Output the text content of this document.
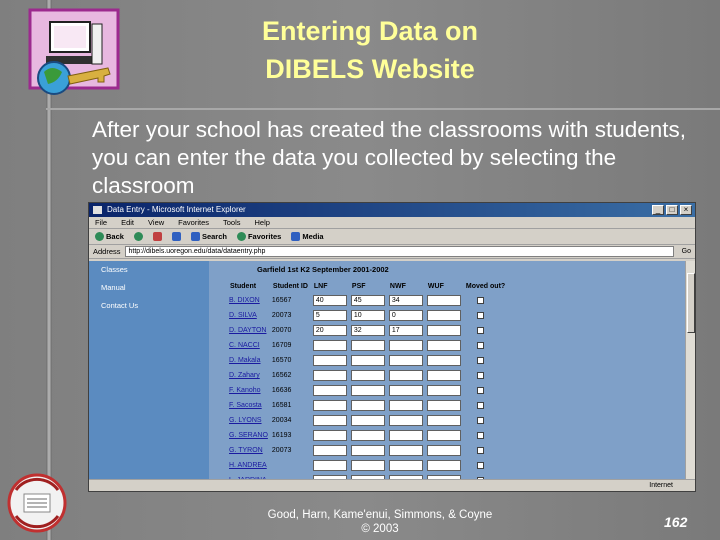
Entering Data on
DIBELS Website
After your school has created the classrooms with students, you can enter the data you collected by selecting the classroom
Data Entry - Microsoft Internet Explorer	_	□	×
File Edit View Favorites Tools Help
Back	Search	Favorites	Media
Address	http://dibels.uoregon.edu/data/dataentry.php	Go
Classes
Manual
Contact Us
Garfield 1st K2 September 2001-2002
Student	Student ID	LNF	PSF	NWF	WUF	Moved out?
B. DIXON	16567	40	45	34		

D. SILVA	20073	5	10	0		

D. DAYTON	20070	20	32	17		

C. NACCI	16709	

D. Makala	16570	

D. Zahary	16562	

F. Kanoho	16636	

F. Sacosta	16581	

G. LYONS	20034	

G. SERANO	16193	

G. TYRON	20073	

H. ANDREA		

Internet
Good, Harn, Kame'enui, Simmons, & Coyne
© 2003	162
